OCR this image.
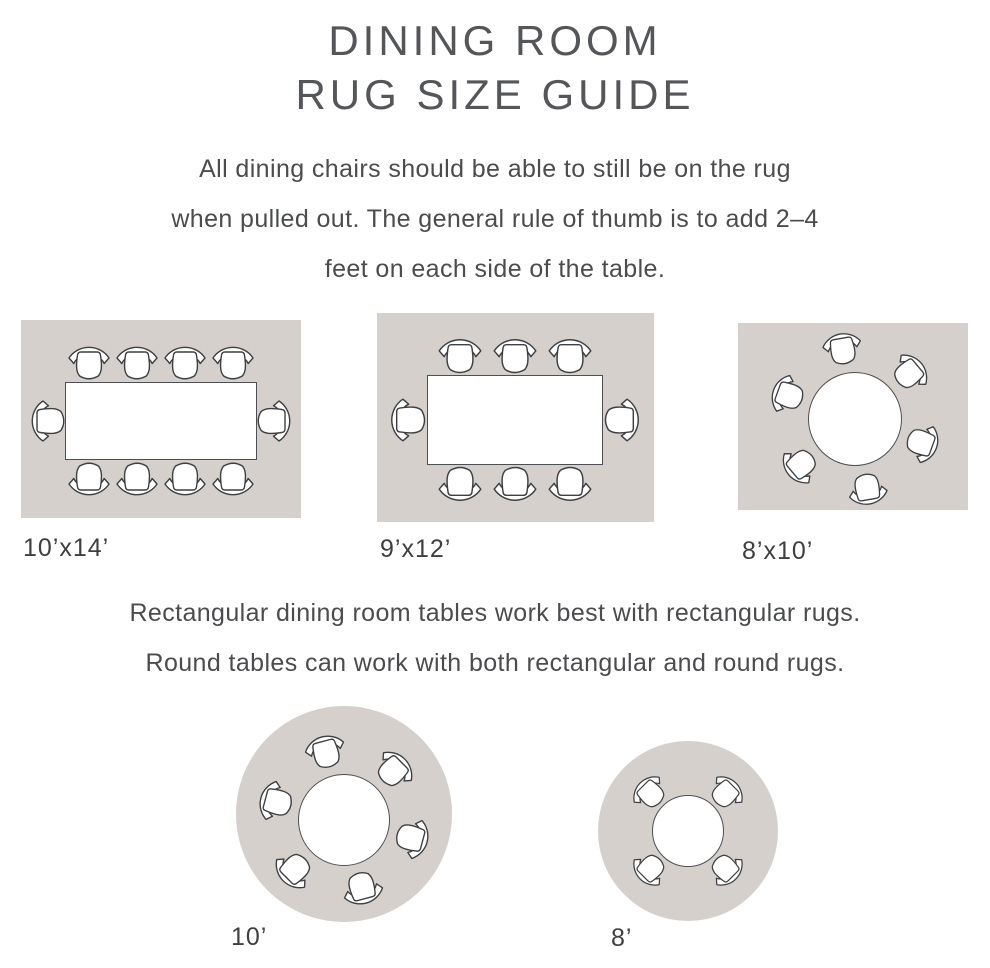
DINING ROOM
RUG SIZE GUIDE
All dining chairs should be able to still be on the rug
when pulled out. The general rule of thumb is to add 2–4
feet on each side of the table.
10’x14’	9’x12’	8’x10’
Rectangular dining room tables work best with rectangular rugs.
Round tables can work with both rectangular and round rugs.
10’	8’
